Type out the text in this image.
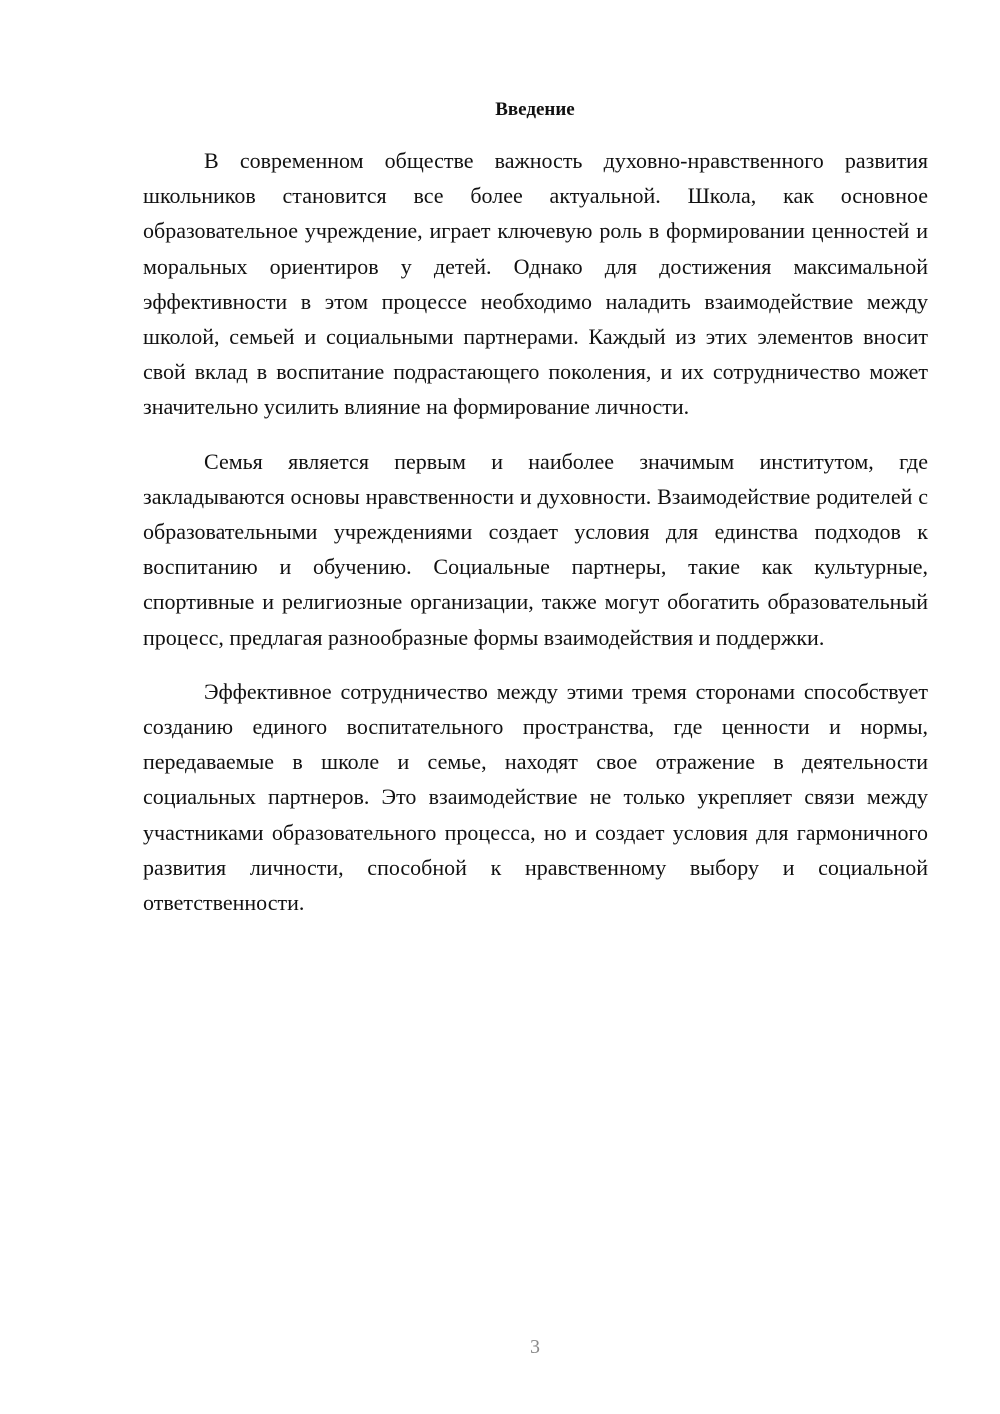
Введение

В современном обществе важность духовно-нравственного развития школьников становится все более актуальной. Школа, как основное образовательное учреждение, играет ключевую роль в формировании ценностей и моральных ориентиров у детей. Однако для достижения максимальной эффективности в этом процессе необходимо наладить взаимодействие между школой, семьей и социальными партнерами. Каждый из этих элементов вносит свой вклад в воспитание подрастающего поколения, и их сотрудничество может значительно усилить влияние на формирование личности.

Семья является первым и наиболее значимым институтом, где закладываются основы нравственности и духовности. Взаимодействие родителей с образовательными учреждениями создает условия для единства подходов к воспитанию и обучению. Социальные партнеры, такие как культурные, спортивные и религиозные организации, также могут обогатить образовательный процесс, предлагая разнообразные формы взаимодействия и поддержки.

Эффективное сотрудничество между этими тремя сторонами способствует созданию единого воспитательного пространства, где ценности и нормы, передаваемые в школе и семье, находят свое отражение в деятельности социальных партнеров. Это взаимодействие не только укрепляет связи между участниками образовательного процесса, но и создает условия для гармоничного развития личности, способной к нравственному выбору и социальной ответственности.

3
